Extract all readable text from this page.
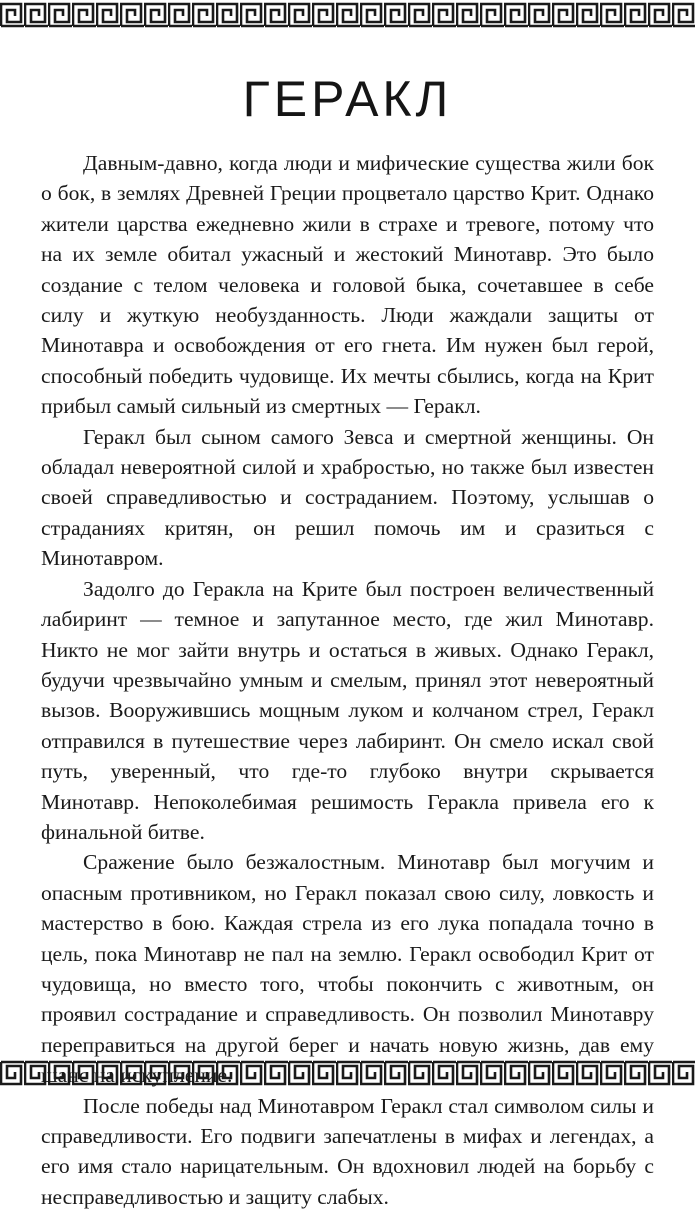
ГЕРАКЛ

Давным-давно, когда люди и мифические существа жили бок о бок, в землях Древней Греции процветало царство Крит. Однако жители царства ежедневно жили в страхе и тревоге, потому что на их земле обитал ужасный и жестокий Минотавр. Это было создание с телом человека и головой быка, сочетавшее в себе силу и жуткую необузданность. Люди жаждали защиты от Минотавра и освобождения от его гнета. Им нужен был герой, способный победить чудовище. Их мечты сбылись, когда на Крит прибыл самый сильный из смертных — Геракл.

Геракл был сыном самого Зевса и смертной женщины. Он обладал невероятной силой и храбростью, но также был известен своей справедливостью и состраданием. Поэтому, услышав о страданиях критян, он решил помочь им и сразиться с Минотавром.

Задолго до Геракла на Крите был построен величественный лабиринт — темное и запутанное место, где жил Минотавр. Никто не мог зайти внутрь и остаться в живых. Однако Геракл, будучи чрезвычайно умным и смелым, принял этот невероятный вызов. Вооружившись мощным луком и колчаном стрел, Геракл отправился в путешествие через лабиринт. Он смело искал свой путь, уверенный, что где-то глубоко внутри скрывается Минотавр. Непоколебимая решимость Геракла привела его к финальной битве.

Сражение было безжалостным. Минотавр был могучим и опасным противником, но Геракл показал свою силу, ловкость и мастерство в бою. Каждая стрела из его лука попадала точно в цель, пока Минотавр не пал на землю. Геракл освободил Крит от чудовища, но вместо того, чтобы покончить с животным, он проявил сострадание и справедливость. Он позволил Минотавру переправиться на другой берег и начать новую жизнь, дав ему

После победы над Минотавром Геракл стал символом силы и справедливости. Его подвиги запечатлены в мифах и легендах, а его имя стало нарицательным. Он вдохновил людей на борьбу с несправедливостью и защиту слабых.
